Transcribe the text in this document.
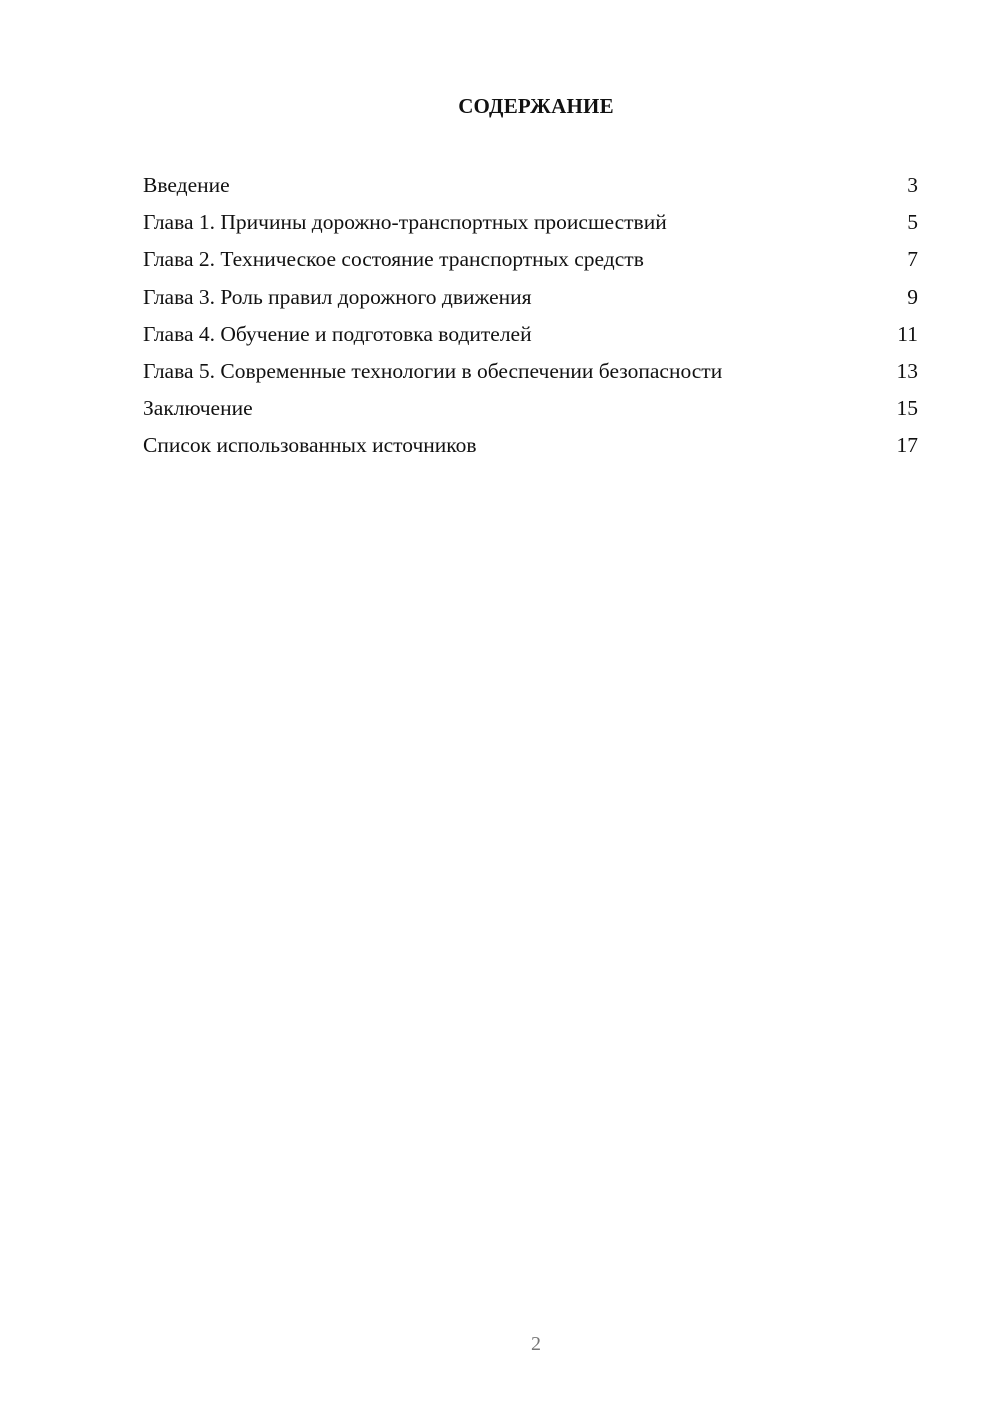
СОДЕРЖАНИЕ
Введение	3
Глава 1. Причины дорожно-транспортных происшествий	5
Глава 2. Техническое состояние транспортных средств	7
Глава 3. Роль правил дорожного движения	9
Глава 4. Обучение и подготовка водителей	11
Глава 5. Современные технологии в обеспечении безопасности	13
Заключение	15
Список использованных источников	17
2
